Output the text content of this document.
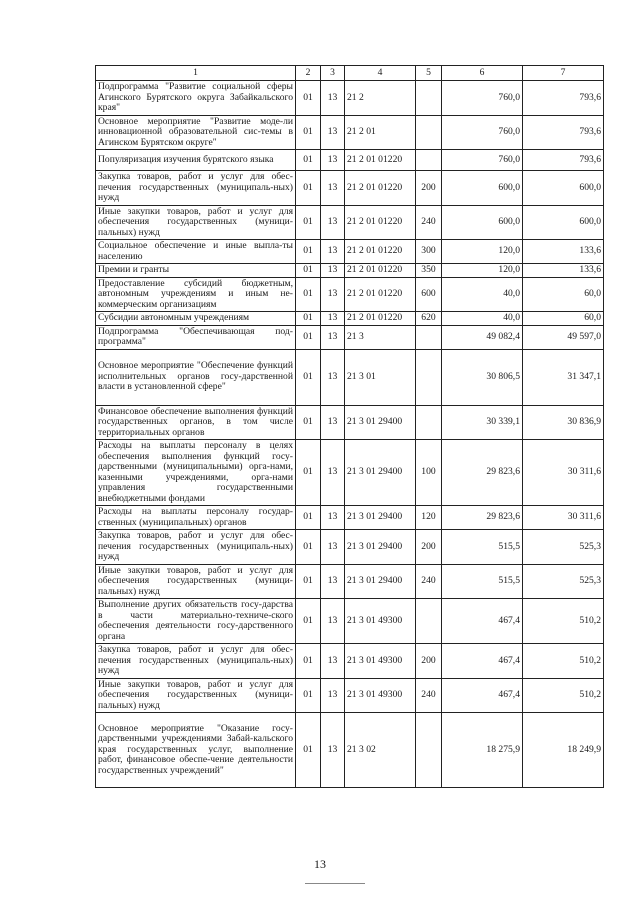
1	2	3	4	5	6	7
Подпрограмма "Развитие социальной сферы Агинского Бурятского округа Забайкальского края"	01	13	21 2		760,0	793,6
Основное мероприятие "Развитие моде-ли инновационной образовательной сис-темы в Агинском Бурятском округе"	01	13	21 2 01		760,0	793,6
Популяризация изучения бурятского языка	01	13	21 2 01 01220		760,0	793,6
Закупка товаров, работ и услуг для обес-печения государственных (муниципаль-ных) нужд	01	13	21 2 01 01220	200	600,0	600,0
Иные закупки товаров, работ и услуг для обеспечения государственных (муници-пальных) нужд	01	13	21 2 01 01220	240	600,0	600,0
Социальное обеспечение и иные выпла-ты населению	01	13	21 2 01 01220	300	120,0	133,6
Премии и гранты	01	13	21 2 01 01220	350	120,0	133,6
Предоставление субсидий бюджетным, автономным учреждениям и иным не-коммерческим организациям	01	13	21 2 01 01220	600	40,0	60,0
Субсидии автономным учреждениям	01	13	21 2 01 01220	620	40,0	60,0
Подпрограмма "Обеспечивающая под-программа"	01	13	21 3		49 082,4	49 597,0
Основное мероприятие "Обеспечение функций исполнительных органов госу-дарственной власти в установленной сфере"	01	13	21 3 01		30 806,5	31 347,1
Финансовое обеспечение выполнения функций государственных органов, в том числе территориальных органов	01	13	21 3 01 29400		30 339,1	30 836,9
Расходы на выплаты персоналу в целях обеспечения выполнения функций госу-дарственными (муниципальными) орга-нами, казенными учреждениями, орга-нами управления государственными внебюджетными фондами	01	13	21 3 01 29400	100	29 823,6	30 311,6
Расходы на выплаты персоналу государ-ственных (муниципальных) органов	01	13	21 3 01 29400	120	29 823,6	30 311,6
Закупка товаров, работ и услуг для обес-печения государственных (муниципаль-ных) нужд	01	13	21 3 01 29400	200	515,5	525,3
Иные закупки товаров, работ и услуг для обеспечения государственных (муници-пальных) нужд	01	13	21 3 01 29400	240	515,5	525,3
Выполнение других обязательств госу-дарства в части материально-техниче-ского обеспечения деятельности госу-дарственного органа	01	13	21 3 01 49300		467,4	510,2
Закупка товаров, работ и услуг для обес-печения государственных (муниципаль-ных) нужд	01	13	21 3 01 49300	200	467,4	510,2
Иные закупки товаров, работ и услуг для обеспечения государственных (муници-пальных) нужд	01	13	21 3 01 49300	240	467,4	510,2
Основное мероприятие "Оказание госу-дарственными учреждениями Забай-кальского края государственных услуг, выполнение работ, финансовое обеспе-чение деятельности государственных учреждений"	01	13	21 3 02		18 275,9	18 249,9
13
